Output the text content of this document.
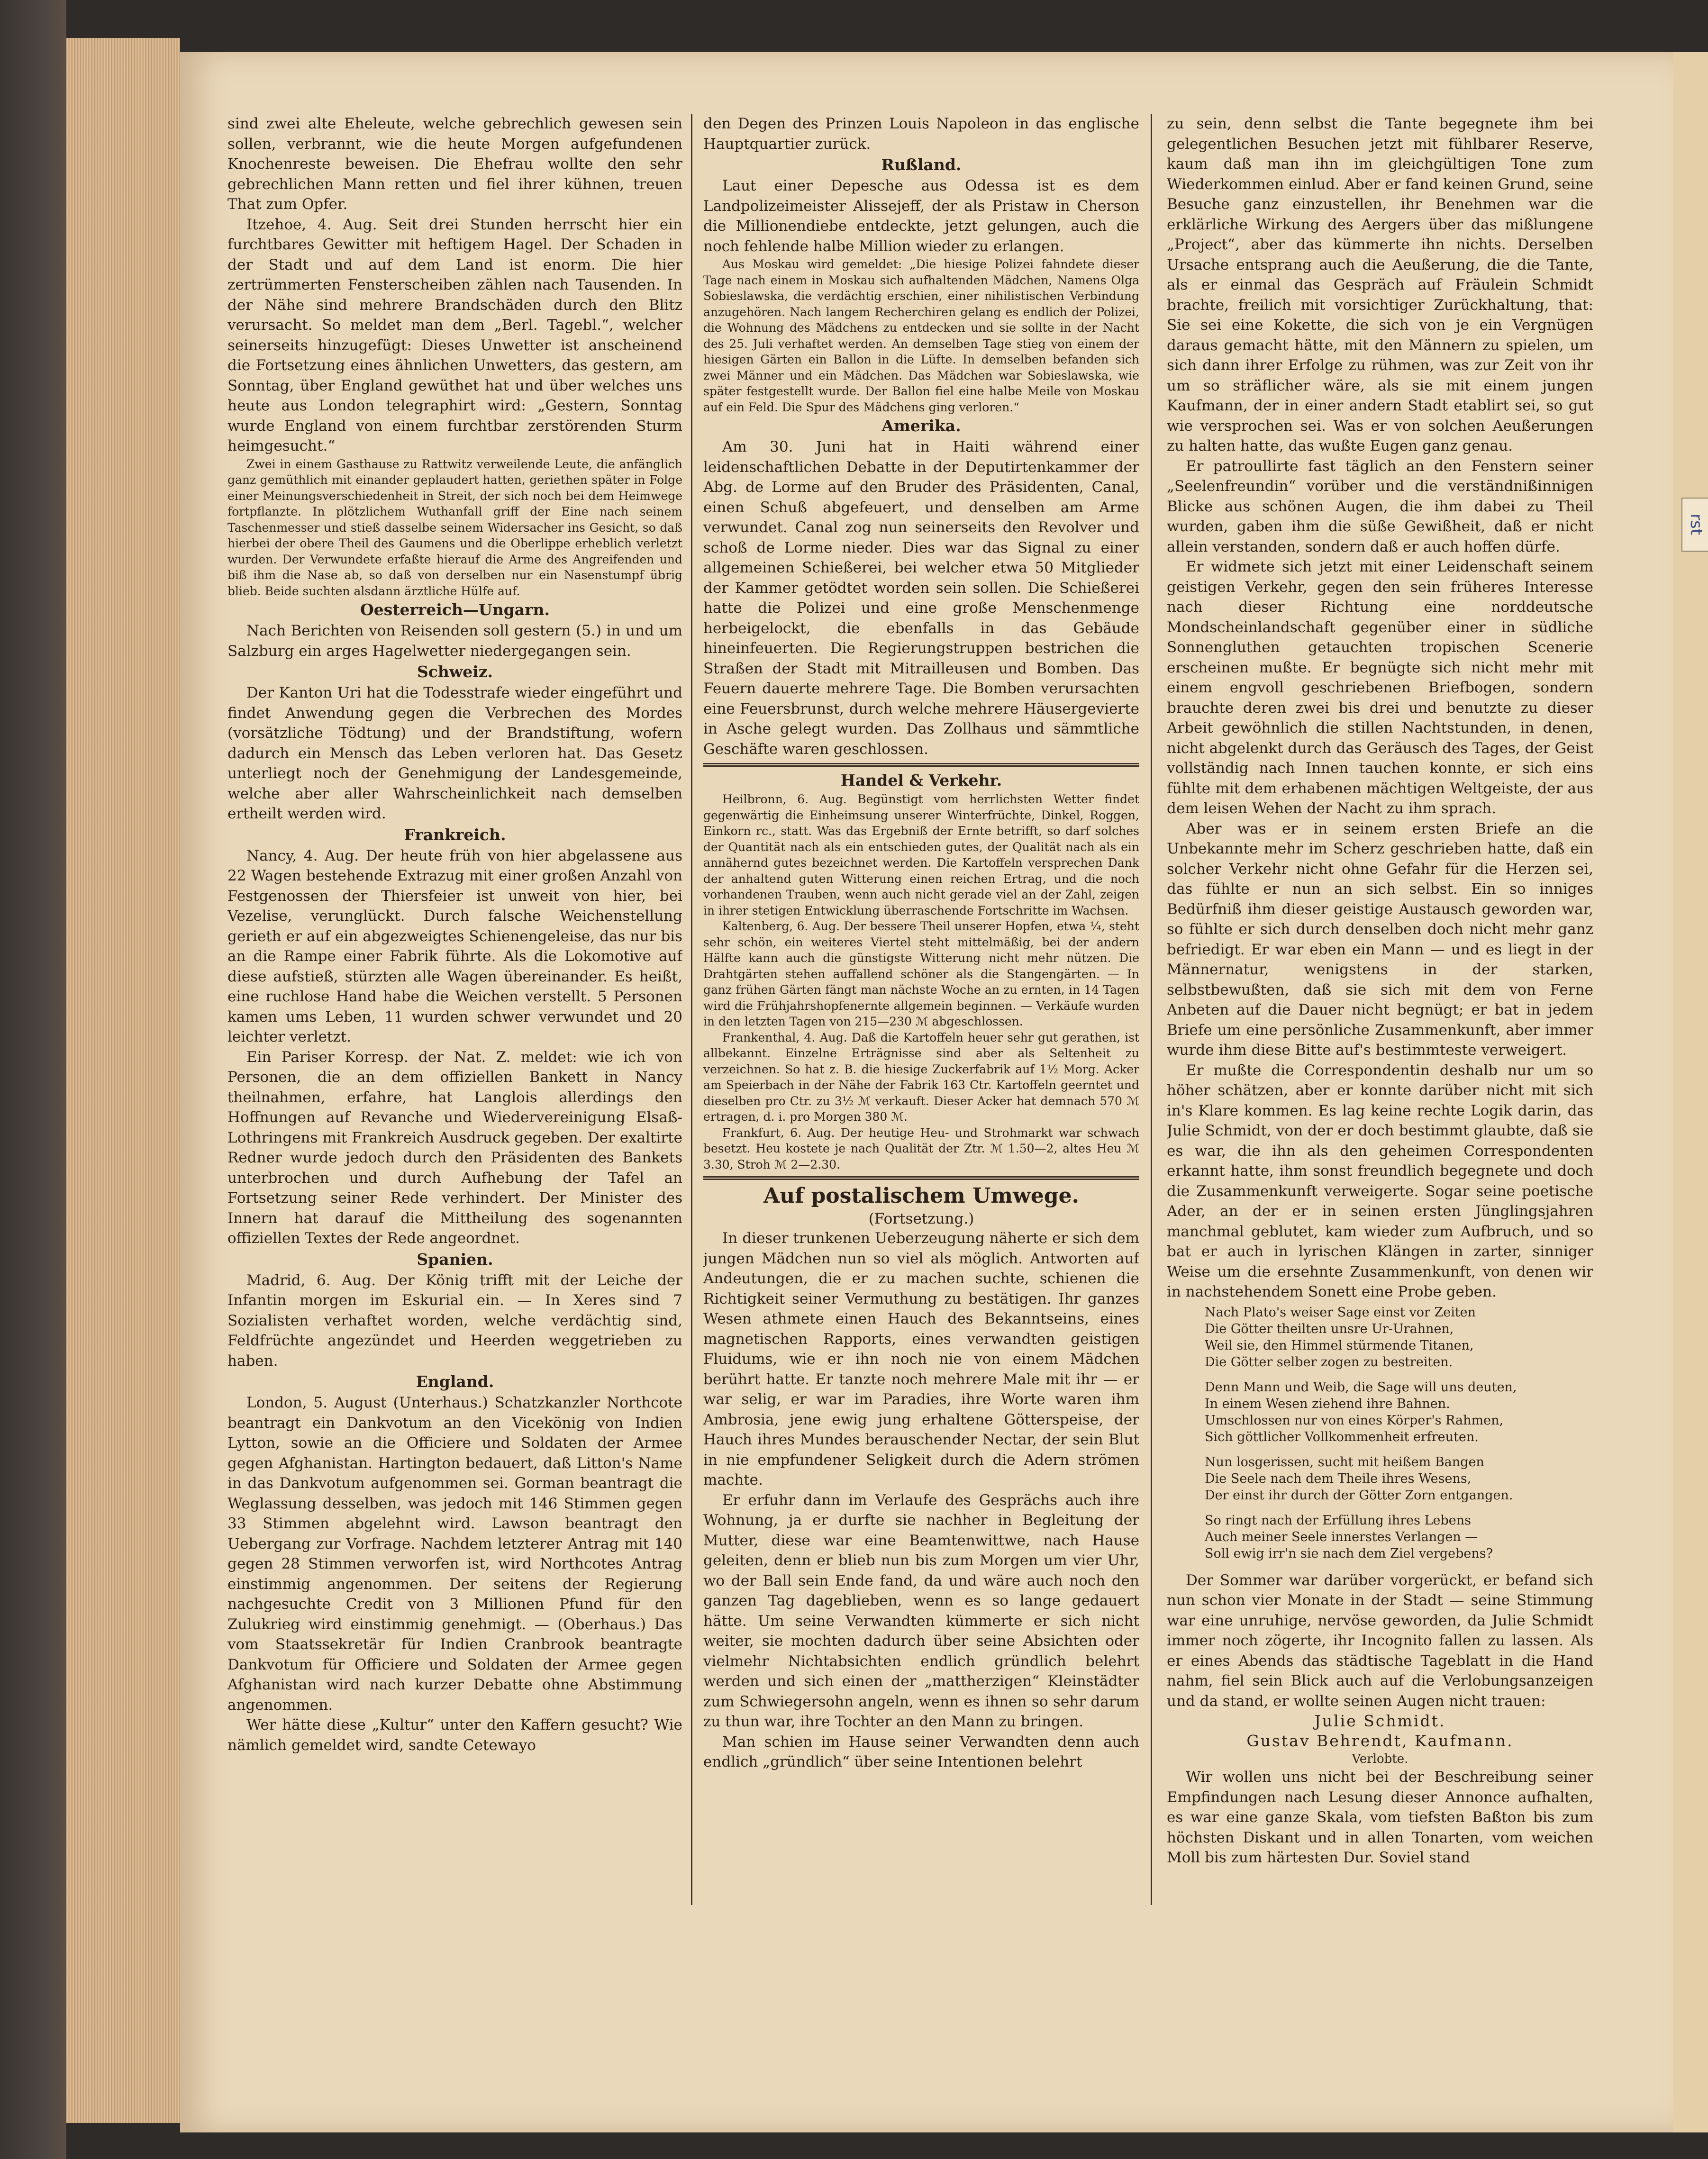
rst

sind zwei alte Eheleute, welche gebrechlich gewesen sein sollen, verbrannt, wie die heute Morgen aufgefundenen Knochenreste beweisen. Die Ehefrau wollte den sehr gebrechlichen Mann retten und fiel ihrer kühnen, treuen That zum Opfer.

Itzehoe, 4. Aug. Seit drei Stunden herrscht hier ein furchtbares Gewitter mit heftigem Hagel. Der Schaden in der Stadt und auf dem Land ist enorm. Die hier zertrümmerten Fensterscheiben zählen nach Tausenden. In der Nähe sind mehrere Brandschäden durch den Blitz verursacht. So meldet man dem „Berl. Tagebl.“, welcher seinerseits hinzugefügt: Dieses Unwetter ist anscheinend die Fortsetzung eines ähnlichen Unwetters, das gestern, am Sonntag, über England gewüthet hat und über welches uns heute aus London telegraphirt wird: „Gestern, Sonntag wurde England von einem furchtbar zerstörenden Sturm heimgesucht.“

Zwei in einem Gasthause zu Rattwitz verweilende Leute, die anfänglich ganz gemüthlich mit einander geplaudert hatten, geriethen später in Folge einer Meinungsverschiedenheit in Streit, der sich noch bei dem Heimwege fortpflanzte. In plötzlichem Wuthanfall griff der Eine nach seinem Taschenmesser und stieß dasselbe seinem Widersacher ins Gesicht, so daß hierbei der obere Theil des Gaumens und die Oberlippe erheblich verletzt wurden. Der Verwundete erfaßte hierauf die Arme des Angreifenden und biß ihm die Nase ab, so daß von derselben nur ein Nasenstumpf übrig blieb. Beide suchten alsdann ärztliche Hülfe auf.

Oesterreich—Ungarn.

Nach Berichten von Reisenden soll gestern (5.) in und um Salzburg ein arges Hagelwetter niedergegangen sein.

Schweiz.

Der Kanton Uri hat die Todesstrafe wieder eingeführt und findet Anwendung gegen die Verbrechen des Mordes (vorsätzliche Tödtung) und der Brandstiftung, wofern dadurch ein Mensch das Leben verloren hat. Das Gesetz unterliegt noch der Genehmigung der Landesgemeinde, welche aber aller Wahrscheinlichkeit nach demselben ertheilt werden wird.

Frankreich.

Nancy, 4. Aug. Der heute früh von hier abgelassene aus 22 Wagen bestehende Extrazug mit einer großen Anzahl von Festgenossen der Thiersfeier ist unweit von hier, bei Vezelise, verunglückt. Durch falsche Weichenstellung gerieth er auf ein abgezweigtes Schienengeleise, das nur bis an die Rampe einer Fabrik führte. Als die Lokomotive auf diese aufstieß, stürzten alle Wagen übereinander. Es heißt, eine ruchlose Hand habe die Weichen verstellt. 5 Personen kamen ums Leben, 11 wurden schwer verwundet und 20 leichter verletzt.

Ein Pariser Korresp. der Nat. Z. meldet: wie ich von Personen, die an dem offiziellen Bankett in Nancy theilnahmen, erfahre, hat Langlois allerdings den Hoffnungen auf Revanche und Wiedervereinigung Elsaß-Lothringens mit Frankreich Ausdruck gegeben. Der exaltirte Redner wurde jedoch durch den Präsidenten des Bankets unterbrochen und durch Aufhebung der Tafel an Fortsetzung seiner Rede verhindert. Der Minister des Innern hat darauf die Mittheilung des sogenannten offiziellen Textes der Rede angeordnet.

Spanien.

Madrid, 6. Aug. Der König trifft mit der Leiche der Infantin morgen im Eskurial ein. — In Xeres sind 7 Sozialisten verhaftet worden, welche verdächtig sind, Feldfrüchte angezündet und Heerden weggetrieben zu haben.

England.

London, 5. August (Unterhaus.) Schatzkanzler Northcote beantragt ein Dankvotum an den Vicekönig von Indien Lytton, sowie an die Officiere und Soldaten der Armee gegen Afghanistan. Hartington bedauert, daß Litton's Name in das Dankvotum aufgenommen sei. Gorman beantragt die Weglassung desselben, was jedoch mit 146 Stimmen gegen 33 Stimmen abgelehnt wird. Lawson beantragt den Uebergang zur Vorfrage. Nachdem letzterer Antrag mit 140 gegen 28 Stimmen verworfen ist, wird Northcotes Antrag einstimmig angenommen. Der seitens der Regierung nachgesuchte Credit von 3 Millionen Pfund für den Zulukrieg wird einstimmig genehmigt. — (Oberhaus.) Das vom Staatssekretär für Indien Cranbrook beantragte Dankvotum für Officiere und Soldaten der Armee gegen Afghanistan wird nach kurzer Debatte ohne Abstimmung angenommen.

Wer hätte diese „Kultur“ unter den Kaffern gesucht? Wie nämlich gemeldet wird, sandte Cetewayo

den Degen des Prinzen Louis Napoleon in das englische Hauptquartier zurück.

Rußland.

Laut einer Depesche aus Odessa ist es dem Landpolizeimeister Alissejeff, der als Pristaw in Cherson die Millionendiebe entdeckte, jetzt gelungen, auch die noch fehlende halbe Million wieder zu erlangen.

Aus Moskau wird gemeldet: „Die hiesige Polizei fahndete dieser Tage nach einem in Moskau sich aufhaltenden Mädchen, Namens Olga Sobieslawska, die verdächtig erschien, einer nihilistischen Verbindung anzugehören. Nach langem Recherchiren gelang es endlich der Polizei, die Wohnung des Mädchens zu entdecken und sie sollte in der Nacht des 25. Juli verhaftet werden. An demselben Tage stieg von einem der hiesigen Gärten ein Ballon in die Lüfte. In demselben befanden sich zwei Männer und ein Mädchen. Das Mädchen war Sobieslawska, wie später festgestellt wurde. Der Ballon fiel eine halbe Meile von Moskau auf ein Feld. Die Spur des Mädchens ging verloren.“

Amerika.

Am 30. Juni hat in Haiti während einer leidenschaftlichen Debatte in der Deputirtenkammer der Abg. de Lorme auf den Bruder des Präsidenten, Canal, einen Schuß abgefeuert, und denselben am Arme verwundet. Canal zog nun seinerseits den Revolver und schoß de Lorme nieder. Dies war das Signal zu einer allgemeinen Schießerei, bei welcher etwa 50 Mitglieder der Kammer getödtet worden sein sollen. Die Schießerei hatte die Polizei und eine große Menschenmenge herbeigelockt, die ebenfalls in das Gebäude hineinfeuerten. Die Regierungstruppen bestrichen die Straßen der Stadt mit Mitrailleusen und Bomben. Das Feuern dauerte mehrere Tage. Die Bomben verursachten eine Feuersbrunst, durch welche mehrere Häusergevierte in Asche gelegt wurden. Das Zollhaus und sämmtliche Geschäfte waren geschlossen.

Handel & Verkehr.

Heilbronn, 6. Aug. Begünstigt vom herrlichsten Wetter findet gegenwärtig die Einheimsung unserer Winterfrüchte, Dinkel, Roggen, Einkorn rc., statt. Was das Ergebniß der Ernte betrifft, so darf solches der Quantität nach als ein entschieden gutes, der Qualität nach als ein annähernd gutes bezeichnet werden. Die Kartoffeln versprechen Dank der anhaltend guten Witterung einen reichen Ertrag, und die noch vorhandenen Trauben, wenn auch nicht gerade viel an der Zahl, zeigen in ihrer stetigen Entwicklung überraschende Fortschritte im Wachsen.

Kaltenberg, 6. Aug. Der bessere Theil unserer Hopfen, etwa ¼, steht sehr schön, ein weiteres Viertel steht mittelmäßig, bei der andern Hälfte kann auch die günstigste Witterung nicht mehr nützen. Die Drahtgärten stehen auffallend schöner als die Stangengärten. — In ganz frühen Gärten fängt man nächste Woche an zu ernten, in 14 Tagen wird die Frühjahrshopfenernte allgemein beginnen. — Verkäufe wurden in den letzten Tagen von 215—230 ℳ abgeschlossen.

Frankenthal, 4. Aug. Daß die Kartoffeln heuer sehr gut gerathen, ist allbekannt. Einzelne Erträgnisse sind aber als Seltenheit zu verzeichnen. So hat z. B. die hiesige Zuckerfabrik auf 1½ Morg. Acker am Speierbach in der Nähe der Fabrik 163 Ctr. Kartoffeln geerntet und dieselben pro Ctr. zu 3½ ℳ verkauft. Dieser Acker hat demnach 570 ℳ ertragen, d. i. pro Morgen 380 ℳ.

Frankfurt, 6. Aug. Der heutige Heu- und Strohmarkt war schwach besetzt. Heu kostete je nach Qualität der Ztr. ℳ 1.50—2, altes Heu ℳ 3.30, Stroh ℳ 2—2.30.

Auf postalischem Umwege.
(Fortsetzung.)

In dieser trunkenen Ueberzeugung näherte er sich dem jungen Mädchen nun so viel als möglich. Antworten auf Andeutungen, die er zu machen suchte, schienen die Richtigkeit seiner Vermuthung zu bestätigen. Ihr ganzes Wesen athmete einen Hauch des Bekanntseins, eines magnetischen Rapports, eines verwandten geistigen Fluidums, wie er ihn noch nie von einem Mädchen berührt hatte. Er tanzte noch mehrere Male mit ihr — er war selig, er war im Paradies, ihre Worte waren ihm Ambrosia, jene ewig jung erhaltene Götterspeise, der Hauch ihres Mundes berauschender Nectar, der sein Blut in nie empfundener Seligkeit durch die Adern strömen machte.

Er erfuhr dann im Verlaufe des Gesprächs auch ihre Wohnung, ja er durfte sie nachher in Begleitung der Mutter, diese war eine Beamtenwittwe, nach Hause geleiten, denn er blieb nun bis zum Morgen um vier Uhr, wo der Ball sein Ende fand, da und wäre auch noch den ganzen Tag dageblieben, wenn es so lange gedauert hätte. Um seine Verwandten kümmerte er sich nicht weiter, sie mochten dadurch über seine Absichten oder vielmehr Nichtabsichten endlich gründlich belehrt werden und sich einen der „mattherzigen“ Kleinstädter zum Schwiegersohn angeln, wenn es ihnen so sehr darum zu thun war, ihre Tochter an den Mann zu bringen.

Man schien im Hause seiner Verwandten denn auch endlich „gründlich“ über seine Intentionen belehrt

zu sein, denn selbst die Tante begegnete ihm bei gelegentlichen Besuchen jetzt mit fühlbarer Reserve, kaum daß man ihn im gleichgültigen Tone zum Wiederkommen einlud. Aber er fand keinen Grund, seine Besuche ganz einzustellen, ihr Benehmen war die erklärliche Wirkung des Aergers über das mißlungene „Project“, aber das kümmerte ihn nichts. Derselben Ursache entsprang auch die Aeußerung, die die Tante, als er einmal das Gespräch auf Fräulein Schmidt brachte, freilich mit vorsichtiger Zurückhaltung, that: Sie sei eine Kokette, die sich von je ein Vergnügen daraus gemacht hätte, mit den Männern zu spielen, um sich dann ihrer Erfolge zu rühmen, was zur Zeit von ihr um so sträflicher wäre, als sie mit einem jungen Kaufmann, der in einer andern Stadt etablirt sei, so gut wie versprochen sei. Was er von solchen Aeußerungen zu halten hatte, das wußte Eugen ganz genau.

Er patroullirte fast täglich an den Fenstern seiner „Seelenfreundin“ vorüber und die verständnißinnigen Blicke aus schönen Augen, die ihm dabei zu Theil wurden, gaben ihm die süße Gewißheit, daß er nicht allein verstanden, sondern daß er auch hoffen dürfe.

Er widmete sich jetzt mit einer Leidenschaft seinem geistigen Verkehr, gegen den sein früheres Interesse nach dieser Richtung eine norddeutsche Mondscheinlandschaft gegenüber einer in südliche Sonnengluthen getauchten tropischen Scenerie erscheinen mußte. Er begnügte sich nicht mehr mit einem engvoll geschriebenen Briefbogen, sondern brauchte deren zwei bis drei und benutzte zu dieser Arbeit gewöhnlich die stillen Nachtstunden, in denen, nicht abgelenkt durch das Geräusch des Tages, der Geist vollständig nach Innen tauchen konnte, er sich eins fühlte mit dem erhabenen mächtigen Weltgeiste, der aus dem leisen Wehen der Nacht zu ihm sprach.

Aber was er in seinem ersten Briefe an die Unbekannte mehr im Scherz geschrieben hatte, daß ein solcher Verkehr nicht ohne Gefahr für die Herzen sei, das fühlte er nun an sich selbst. Ein so inniges Bedürfniß ihm dieser geistige Austausch geworden war, so fühlte er sich durch denselben doch nicht mehr ganz befriedigt. Er war eben ein Mann — und es liegt in der Männernatur, wenigstens in der starken, selbstbewußten, daß sie sich mit dem von Ferne Anbeten auf die Dauer nicht begnügt; er bat in jedem Briefe um eine persönliche Zusammenkunft, aber immer wurde ihm diese Bitte auf's bestimmteste verweigert.

Er mußte die Correspondentin deshalb nur um so höher schätzen, aber er konnte darüber nicht mit sich in's Klare kommen. Es lag keine rechte Logik darin, das Julie Schmidt, von der er doch bestimmt glaubte, daß sie es war, die ihn als den geheimen Correspondenten erkannt hatte, ihm sonst freundlich begegnete und doch die Zusammenkunft verweigerte. Sogar seine poetische Ader, an der er in seinen ersten Jünglingsjahren manchmal geblutet, kam wieder zum Aufbruch, und so bat er auch in lyrischen Klängen in zarter, sinniger Weise um die ersehnte Zusammenkunft, von denen wir in nachstehendem Sonett eine Probe geben.

Nach Plato's weiser Sage einst vor Zeiten
Die Götter theilten unsre Ur-Urahnen,
Weil sie, den Himmel stürmende Titanen,
Die Götter selber zogen zu bestreiten.
Denn Mann und Weib, die Sage will uns deuten,
In einem Wesen ziehend ihre Bahnen.
Umschlossen nur von eines Körper's Rahmen,
Sich göttlicher Vollkommenheit erfreuten.
Nun losgerissen, sucht mit heißem Bangen
Die Seele nach dem Theile ihres Wesens,
Der einst ihr durch der Götter Zorn entgangen.
So ringt nach der Erfüllung ihres Lebens
Auch meiner Seele innerstes Verlangen —
Soll ewig irr'n sie nach dem Ziel vergebens?

Der Sommer war darüber vorgerückt, er befand sich nun schon vier Monate in der Stadt — seine Stimmung war eine unruhige, nervöse geworden, da Julie Schmidt immer noch zögerte, ihr Incognito fallen zu lassen. Als er eines Abends das städtische Tageblatt in die Hand nahm, fiel sein Blick auch auf die Verlobungsanzeigen und da stand, er wollte seinen Augen nicht trauen:

Julie Schmidt.
Gustav Behrendt, Kaufmann.
Verlobte.

Wir wollen uns nicht bei der Beschreibung seiner Empfindungen nach Lesung dieser Annonce aufhalten, es war eine ganze Skala, vom tiefsten Baßton bis zum höchsten Diskant und in allen Tonarten, vom weichen Moll bis zum härtesten Dur. Soviel stand
